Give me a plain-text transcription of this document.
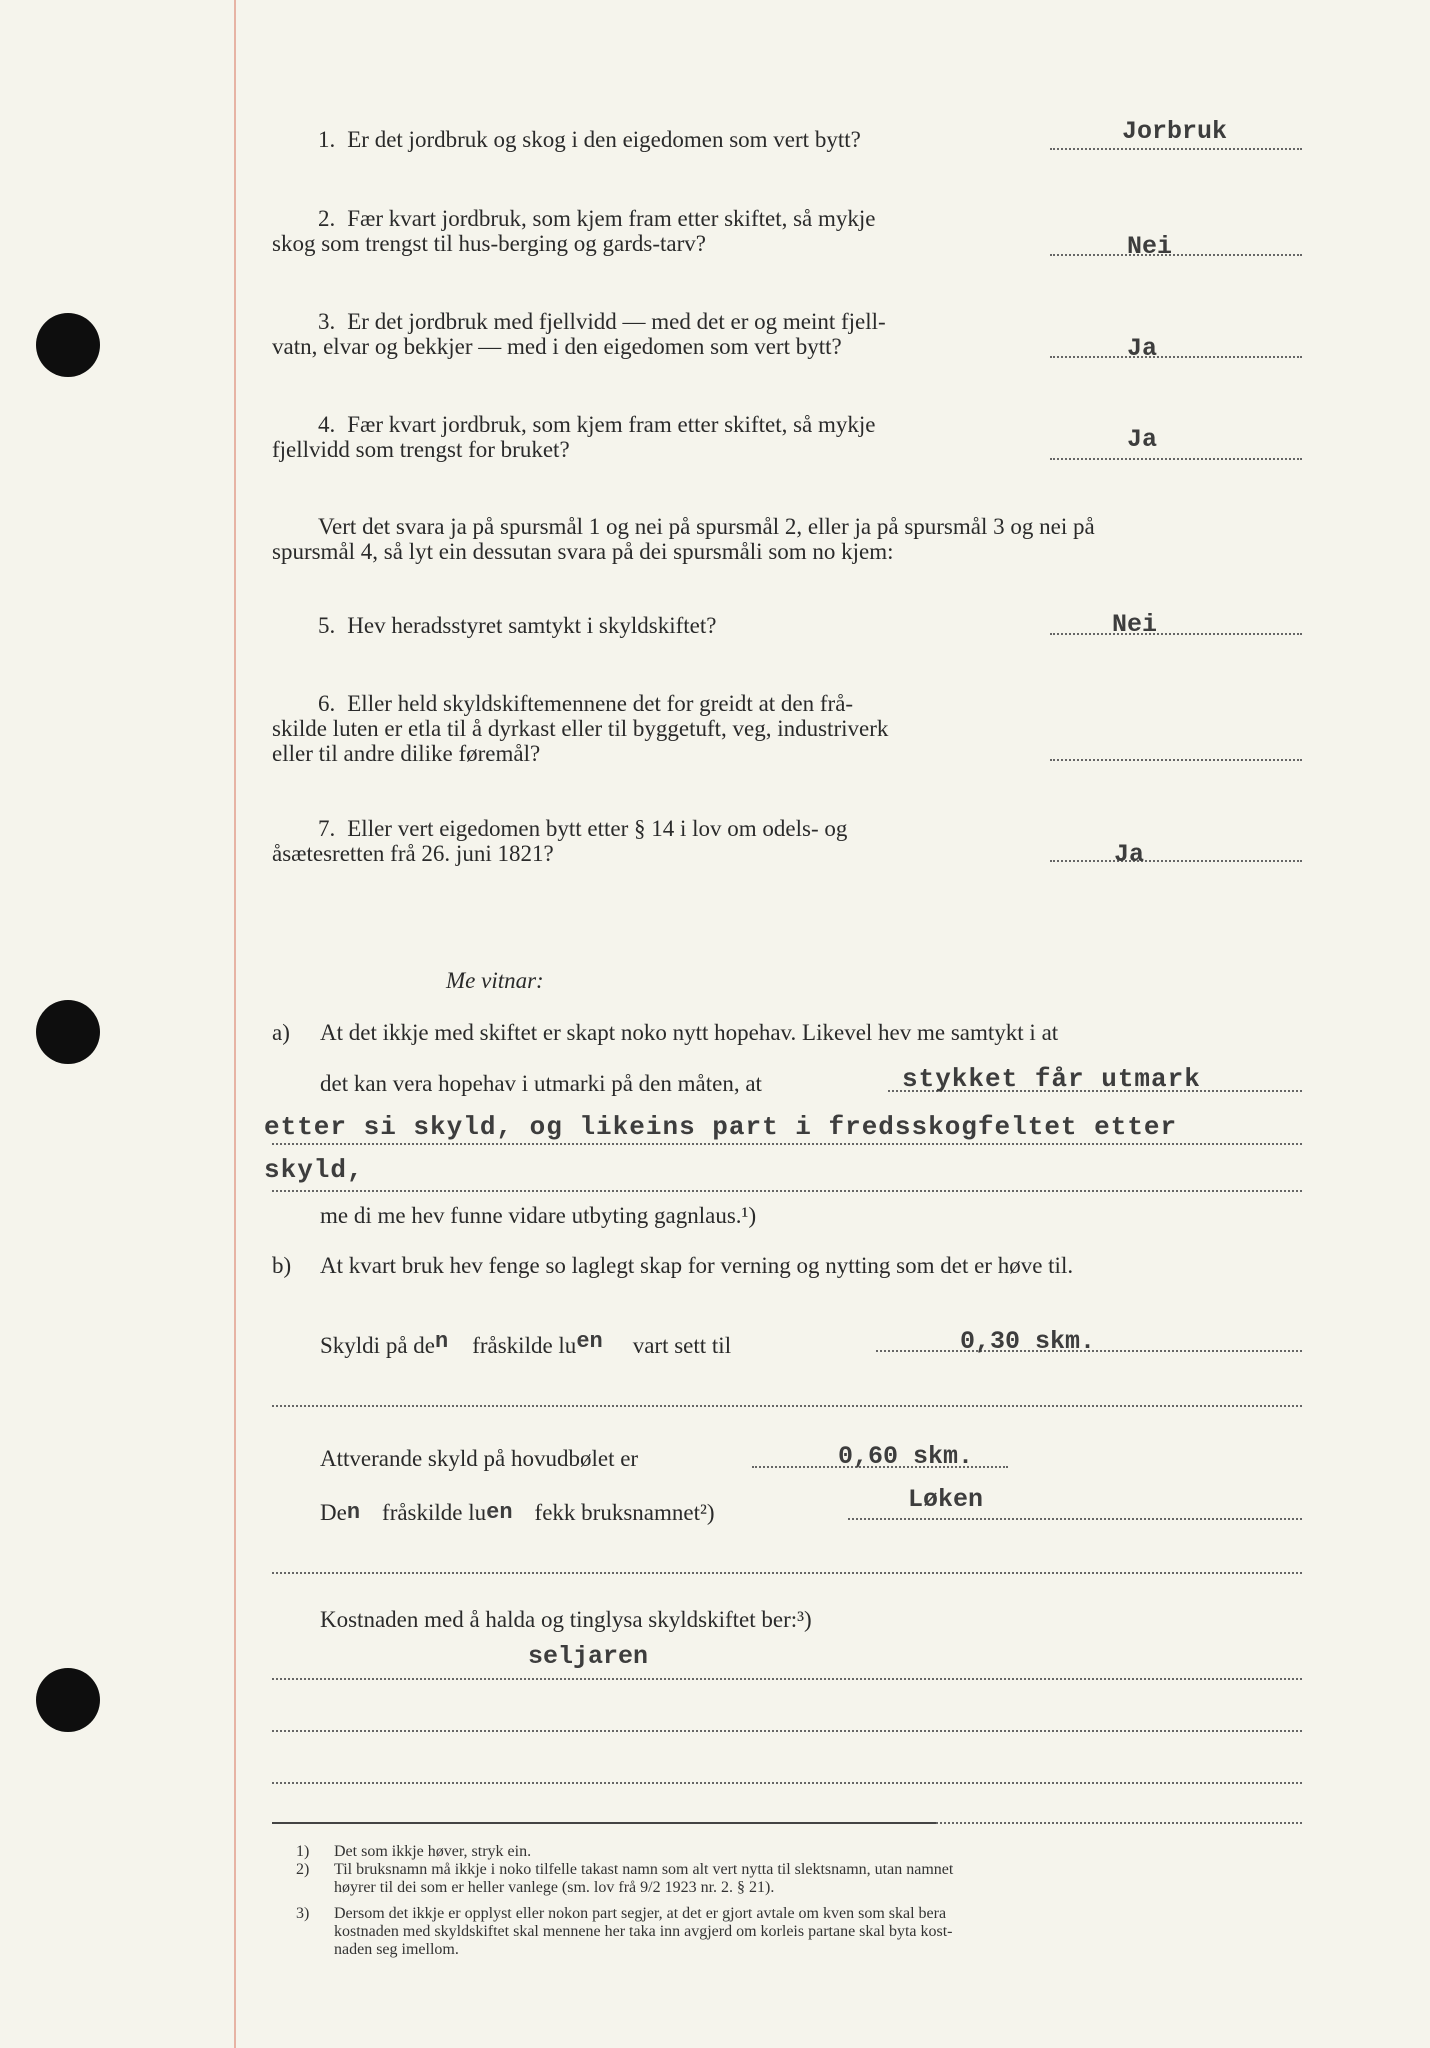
1. Er det jordbruk og skog i den eigedomen som vert bytt?	Jorbruk
2. Fær kvart jordbruk, som kjem fram etter skiftet, så mykje
skog som trengst til hus-berging og gards-tarv?	Nei
3. Er det jordbruk med fjellvidd — med det er og meint fjell-
vatn, elvar og bekkjer — med i den eigedomen som vert bytt?	Ja
4. Fær kvart jordbruk, som kjem fram etter skiftet, så mykje
fjellvidd som trengst for bruket?	Ja
Vert det svara ja på spursmål 1 og nei på spursmål 2, eller ja på spursmål 3 og nei på
spursmål 4, så lyt ein dessutan svara på dei spursmåli som no kjem:
5. Hev heradsstyret samtykt i skyldskiftet?	Nei
6. Eller held skyldskiftemennene det for greidt at den frå-
skilde luten er etla til å dyrkast eller til byggetuft, veg, industriverk
eller til andre dilike føremål?
7. Eller vert eigedomen bytt etter § 14 i lov om odels- og
åsætesretten frå 26. juni 1821?	Ja
Me vitnar:
a) At det ikkje med skiftet er skapt noko nytt hopehav. Likevel hev me samtykt i at
det kan vera hopehav i utmarki på den måten, at	stykket får utmark
etter si skyld, og likeins part i fredsskogfeltet etter
skyld,
me di me hev funne vidare utbyting gagnlaus.¹)
b) At kvart bruk hev fenge so laglegt skap for verning og nytting som det er høve til.
Skyldi på den fråskilde luen vart sett til	0,30 skm.
Attverande skyld på hovudbølet er	0,60 skm.
Den fråskilde luen fekk bruksnamnet²)	Løken
Kostnaden med å halda og tinglysa skyldskiftet ber:³)
seljaren
1) Det som ikkje høver, stryk ein.
2) Til bruksnamn må ikkje i noko tilfelle takast namn som alt vert nytta til slektsnamn, utan namnet
høyrer til dei som er heller vanlege (sm. lov frå 9/2 1923 nr. 2. § 21).
3) Dersom det ikkje er opplyst eller nokon part segjer, at det er gjort avtale om kven som skal bera
kostnaden med skyldskiftet skal mennene her taka inn avgjerd om korleis partane skal byta kost-
naden seg imellom.
